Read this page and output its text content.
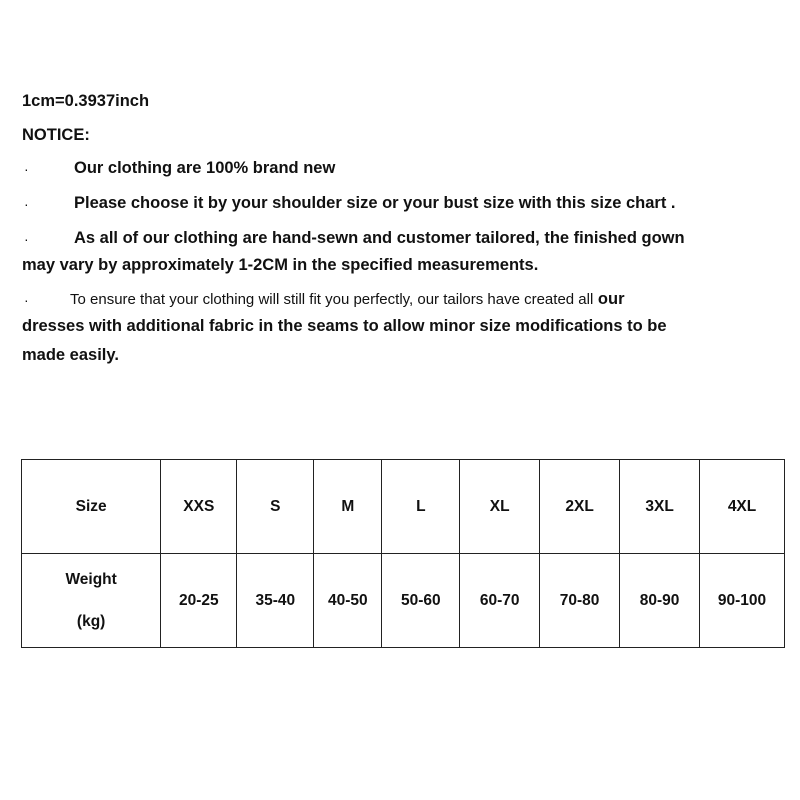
1cm=0.3937inch
NOTICE:
·	Our clothing are 100% brand new
·	Please choose it by your shoulder size or your bust size with this size chart .
·	As all of our clothing are hand-sewn and customer tailored, the finished gown
may vary by approximately 1-2CM in the specified measurements.
·	To ensure that your clothing will still fit you perfectly, our tailors have created all our
dresses with additional fabric in the seams to allow minor size modifications to be
made easily.
Size	XXS	S	M	L	XL	2XL	3XL	4XL

Weight
(kg)	20-25	35-40	40-50	50-60	60-70	70-80	80-90	90-100
